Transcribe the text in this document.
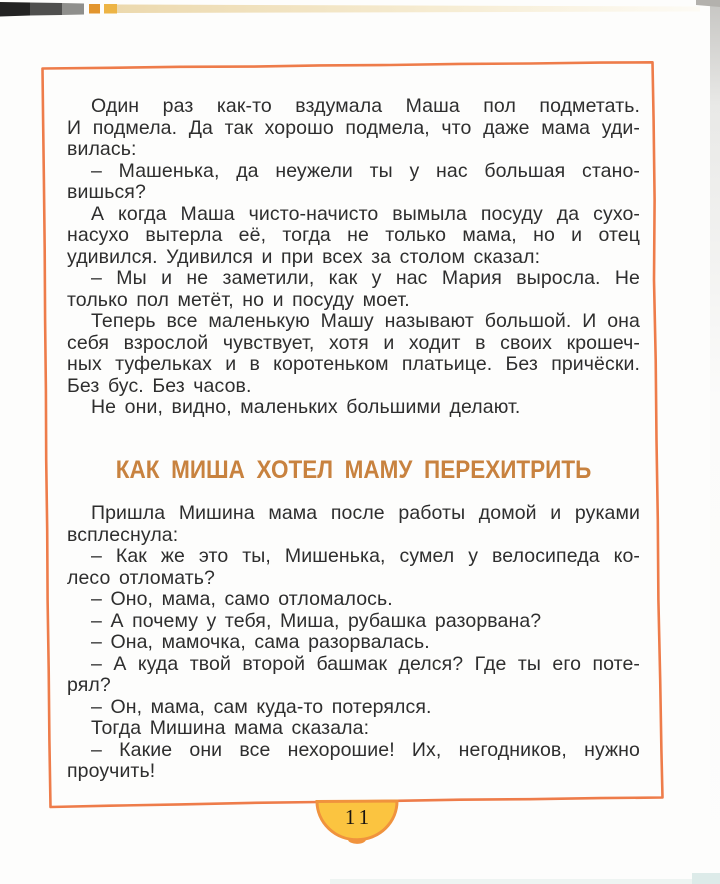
Один раз как-то вздумала Маша пол подметать.
И подмела. Да так хорошо подмела, что даже мама уди-
вилась:
– Машенька, да неужели ты у нас большая стано-
вишься?
А когда Маша чисто-начисто вымыла посуду да сухо-
насухо вытерла её, тогда не только мама, но и отец
удивился. Удивился и при всех за столом сказал:
– Мы и не заметили, как у нас Мария выросла. Не
только пол метёт, но и посуду моет.
Теперь все маленькую Машу называют большой. И она
себя взрослой чувствует, хотя и ходит в своих крошеч-
ных туфельках и в коротеньком платьице. Без причёски.
Без бус. Без часов.
Не они, видно, маленьких большими делают.
КАК МИША ХОТЕЛ МАМУ ПЕРЕХИТРИТЬ
Пришла Мишина мама после работы домой и руками
всплеснула:
– Как же это ты, Мишенька, сумел у велосипеда ко-
лесо отломать?
– Оно, мама, само отломалось.
– А почему у тебя, Миша, рубашка разорвана?
– Она, мамочка, сама разорвалась.
– А куда твой второй башмак делся? Где ты его поте-
рял?
– Он, мама, сам куда-то потерялся.
Тогда Мишина мама сказала:
– Какие они все нехорошие! Их, негодников, нужно
проучить!
11
